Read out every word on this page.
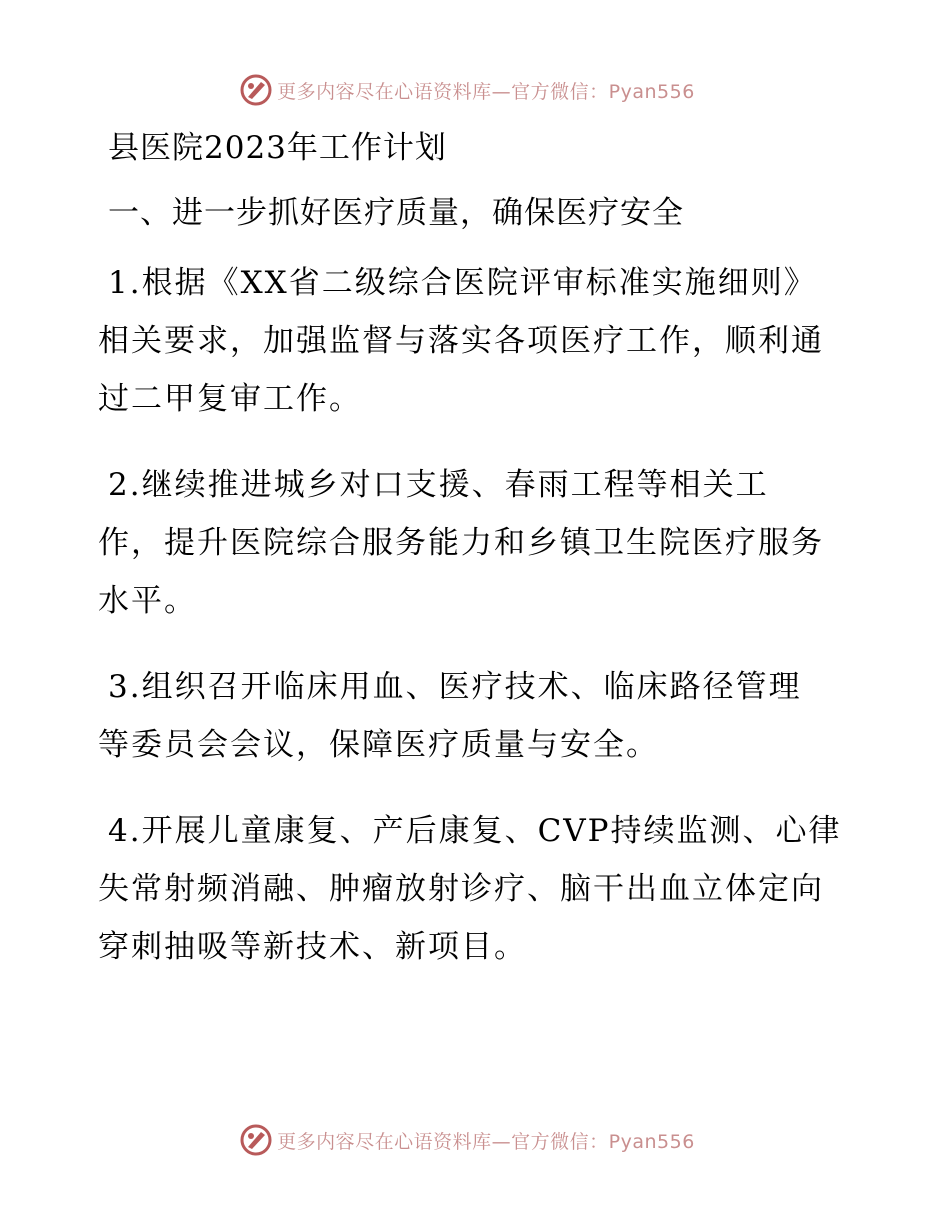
更多内容尽在心语资料库—官方微信：Pyan556
县医院2023年工作计划
一、进一步抓好医疗质量，确保医疗安全
1.根据《XX省二级综合医院评审标准实施细则》
相关要求，加强监督与落实各项医疗工作，顺利通
过二甲复审工作。
2.继续推进城乡对口支援、春雨工程等相关工
作，提升医院综合服务能力和乡镇卫生院医疗服务
水平。
3.组织召开临床用血、医疗技术、临床路径管理
等委员会会议，保障医疗质量与安全。
4.开展儿童康复、产后康复、CVP持续监测、心律
失常射频消融、肿瘤放射诊疗、脑干出血立体定向
穿刺抽吸等新技术、新项目。
更多内容尽在心语资料库—官方微信：Pyan556
